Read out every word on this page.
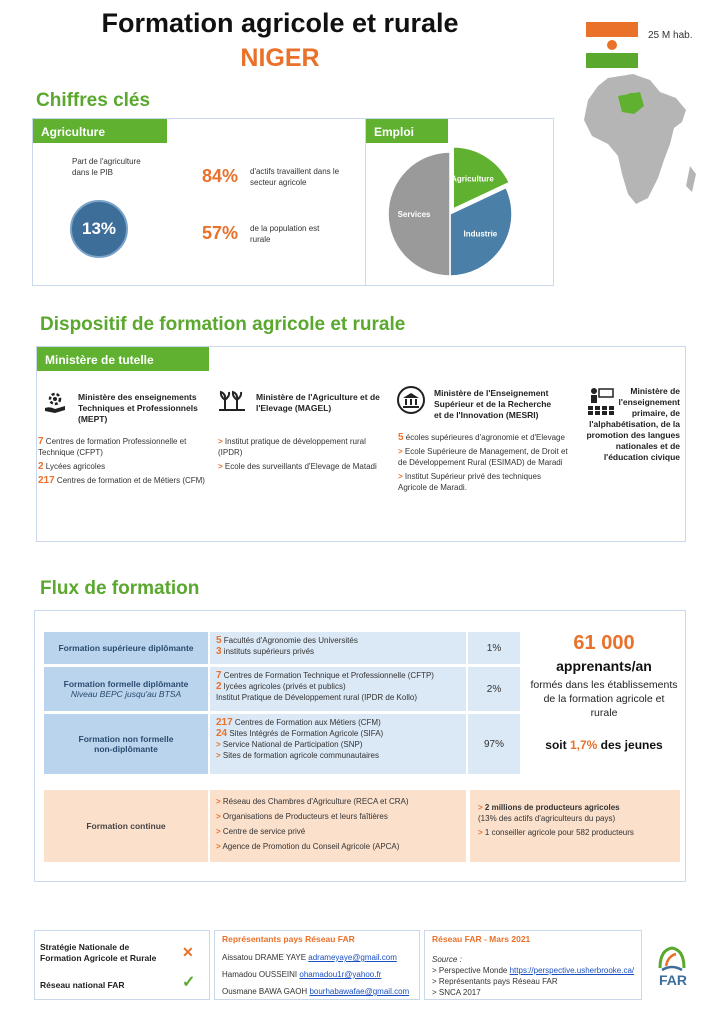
Formation agricole et rurale
NIGER
25 M hab.
Chiffres clés
Agriculture	Emploi
Part de l'agriculture dans le PIB
13%
84% d'actifs travaillent dans le secteur agricole
57% de la population est rurale
Agriculture
Industrie
Services
Dispositif de formation agricole et rurale
Ministère de tutelle
Ministère des enseignements Techniques et Professionnels (MEPT)
7 Centres de formation Professionnelle et Technique (CFPT)
2 Lycées agricoles
217 Centres de formation et de Métiers (CFM)
Ministère de l'Agriculture et de l'Elevage (MAGEL)
> Institut pratique de développement rural (IPDR)
> Ecole des surveillants d'Elevage de Matadi
Ministère de l'Enseignement Supérieur et de la Recherche et de l'Innovation (MESRI)
5 écoles supérieures d'agronomie et d'Elevage
> Ecole Supérieure de Management, de Droit et de Développement Rural (ESIMAD) de Maradi
> Institut Supérieur privé des techniques Agricole de Maradi.
Ministère de l'enseignement primaire, de l'alphabétisation, de la promotion des langues nationales et de l'éducation civique
Flux de formation
Formation supérieure diplômante
5 Facultés d'Agronomie des Universités
3 instituts supérieurs privés	1%
Formation formelle diplômante
Niveau BEPC jusqu'au BTSA
7 Centres de Formation Technique et Professionnelle (CFTP)
2 lycées agricoles (privés et publics)
Institut Pratique de Développement rural (IPDR de Kollo)
2%
Formation non formelle non-diplômante
217 Centres de Formation aux Métiers (CFM)
24 Sites Intégrés de Formation Agricole (SIFA)
> Service National de Participation (SNP)
> Sites de formation agricole communautaires
97%
61 000
apprenants/an
formés dans les établissements de la formation agricole et rurale
soit 1,7% des jeunes
Formation continue
> Réseau des Chambres d'Agriculture (RECA et CRA)
> Organisations de Producteurs et leurs faîtières
> Centre de service privé
> Agence de Promotion du Conseil Agricole (APCA)
> 2 millions de producteurs agricoles
(13% des actifs d'agriculteurs du pays)
> 1 conseiller agricole pour 582 producteurs
Stratégie Nationale de Formation Agricole et Rurale	✕
Réseau national FAR	✓
Représentants pays Réseau FAR
Aissatou DRAME YAYE adrameyaye@gmail.com
Hamadou OUSSEINI ohamadou1r@yahoo.fr
Ousmane BAWA GAOH bourhabawafae@gmail.com
Réseau FAR - Mars 2021
Source :
> Perspective Monde https://perspective.usherbrooke.ca/
> Représentants pays Réseau FAR
> SNCA 2017
FAR
